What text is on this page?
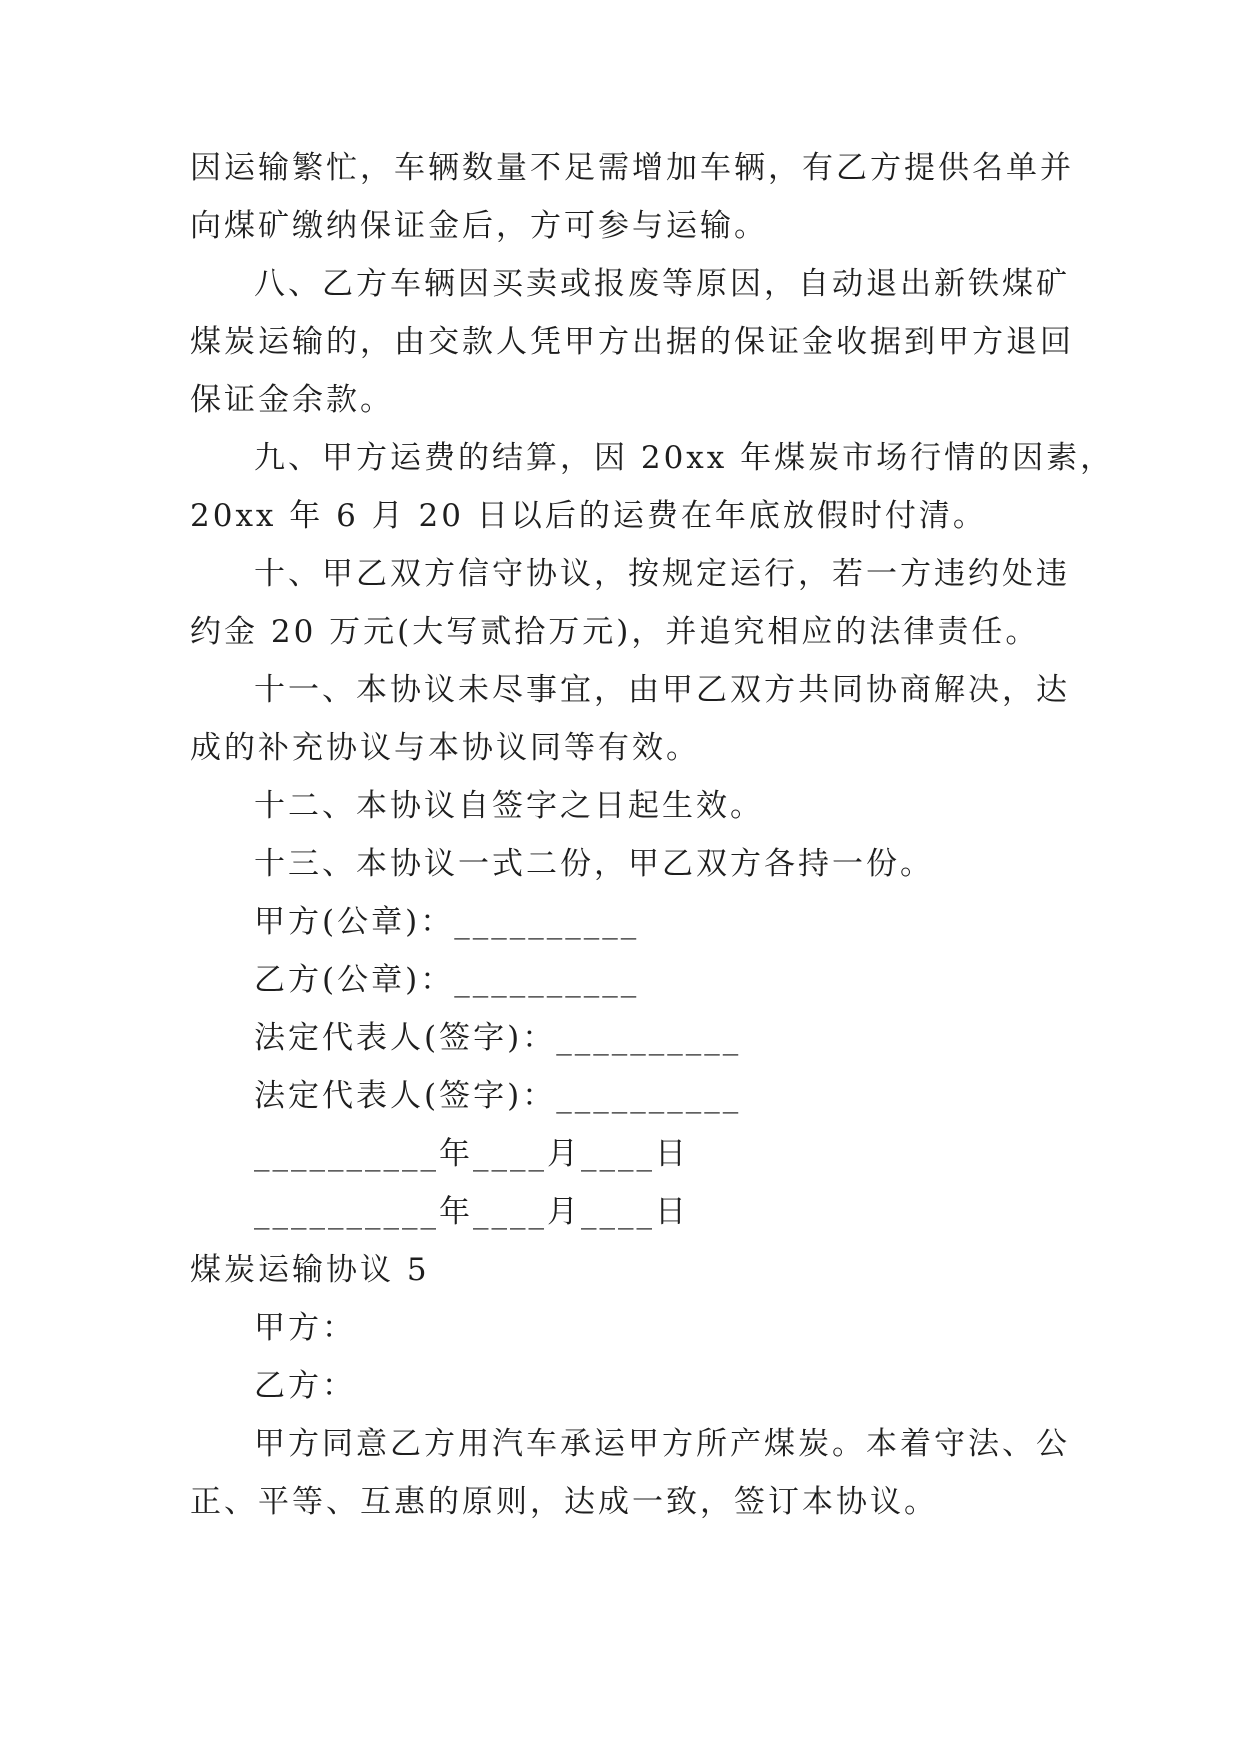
因运输繁忙，车辆数量不足需增加车辆，有乙方提供名单并
向煤矿缴纳保证金后，方可参与运输。
八、乙方车辆因买卖或报废等原因，自动退出新铁煤矿
煤炭运输的，由交款人凭甲方出据的保证金收据到甲方退回
保证金余款。
九、甲方运费的结算，因 20xx 年煤炭市场行情的因素，
20xx 年 6 月 20 日以后的运费在年底放假时付清。
十、甲乙双方信守协议，按规定运行，若一方违约处违
约金 20 万元(大写贰拾万元)，并追究相应的法律责任。
十一、本协议未尽事宜，由甲乙双方共同协商解决，达
成的补充协议与本协议同等有效。
十二、本协议自签字之日起生效。
十三、本协议一式二份，甲乙双方各持一份。
甲方(公章)：__________
乙方(公章)：__________
法定代表人(签字)：__________
法定代表人(签字)：__________
__________年____月____日
__________年____月____日
煤炭运输协议 5
甲方：
乙方：
甲方同意乙方用汽车承运甲方所产煤炭。本着守法、公
正、平等、互惠的原则，达成一致，签订本协议。
